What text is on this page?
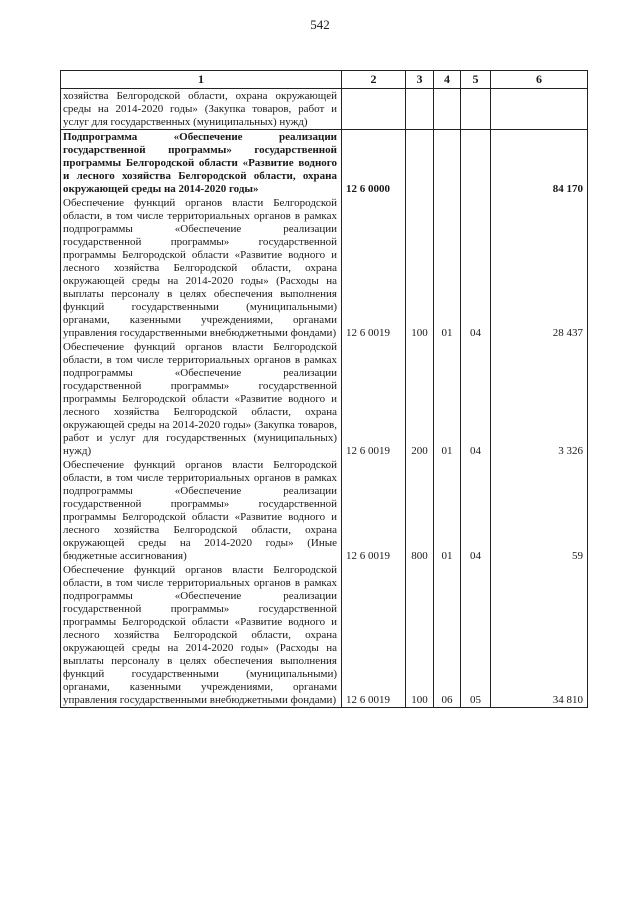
542
1	2	3	4	5	6
хозяйства Белгородской области, охрана окружающей среды на 2014-2020 годы» (Закупка товаров, работ и услуг для государственных (муниципальных) нужд)					
Подпрограмма «Обеспечение реализации государственной программы» государственной программы Белгородской области «Развитие водного и лесного хозяйства Белгородской области, охрана окружающей среды на 2014-2020 годы»	12 6 0000				84 170
Обеспечение функций органов власти Белгородской области, в том числе территориальных органов в рамках подпрограммы «Обеспечение реализации государственной программы» государственной программы Белгородской области «Развитие водного и лесного хозяйства Белгородской области, охрана окружающей среды на 2014-2020 годы» (Расходы на выплаты персоналу в целях обеспечения выполнения функций государственными (муниципальными) органами, казенными учреждениями, органами управления государственными внебюджетными фондами)	12 6 0019	100	01	04	28 437
Обеспечение функций органов власти Белгородской области, в том числе территориальных органов в рамках подпрограммы «Обеспечение реализации государственной программы» государственной программы Белгородской области «Развитие водного и лесного хозяйства Белгородской области, охрана окружающей среды на 2014-2020 годы» (Закупка товаров, работ и услуг для государственных (муниципальных) нужд)	12 6 0019	200	01	04	3 326
Обеспечение функций органов власти Белгородской области, в том числе территориальных органов в рамках подпрограммы «Обеспечение реализации государственной программы» государственной программы Белгородской области «Развитие водного и лесного хозяйства Белгородской области, охрана окружающей среды на 2014-2020 годы» (Иные бюджетные ассигнования)	12 6 0019	800	01	04	59
Обеспечение функций органов власти Белгородской области, в том числе территориальных органов в рамках подпрограммы «Обеспечение реализации государственной программы» государственной программы Белгородской области «Развитие водного и лесного хозяйства Белгородской области, охрана окружающей среды на 2014-2020 годы» (Расходы на выплаты персоналу в целях обеспечения выполнения функций государственными (муниципальными) органами, казенными учреждениями, органами управления государственными внебюджетными фондами)	12 6 0019	100	06	05	34 810
